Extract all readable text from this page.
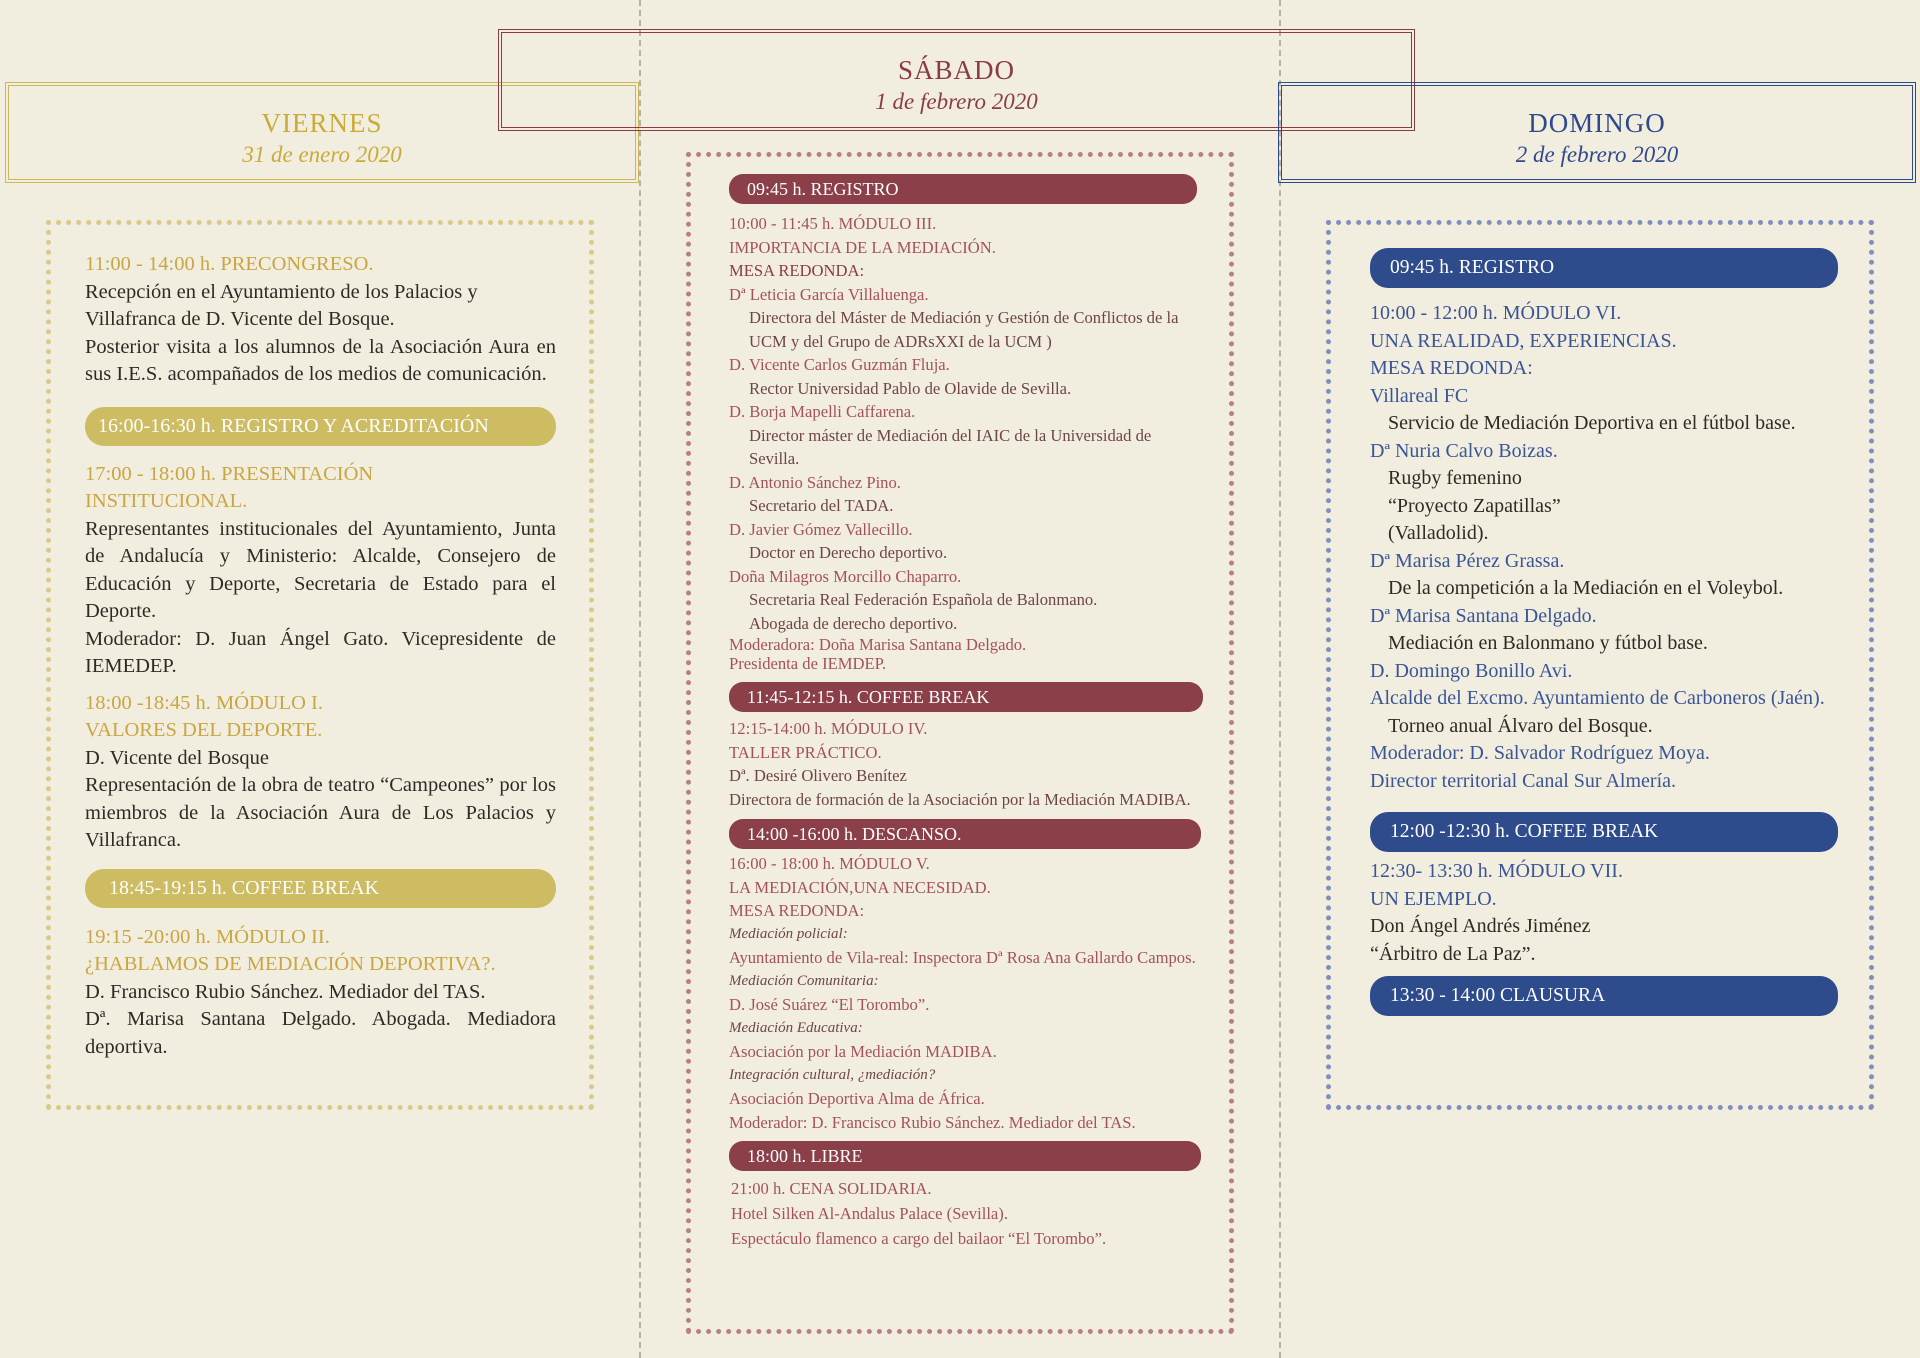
VIERNES
31 de enero 2020
SÁBADO
1 de febrero 2020
DOMINGO
2 de febrero 2020

11:00 - 14:00 h. PRECONGRESO.

Recepción en el Ayuntamiento de los Palacios y Villafranca de D. Vicente del Bosque.

Posterior visita a los alumnos de la Asociación Aura en sus I.E.S. acompañados de los medios de comunicación.

16:00-16:30 h. REGISTRO Y ACREDITACIÓN

17:00 - 18:00 h. PRESENTACIÓN

INSTITUCIONAL.

Representantes institucionales del Ayuntamiento, Junta de Andalucía y Ministerio: Alcalde, Consejero de Educación y Deporte, Secretaria de Estado para el Deporte.

Moderador: D. Juan Ángel Gato. Vicepresidente de IEMEDEP.

18:00 -18:45 h. MÓDULO I.

VALORES DEL DEPORTE.

D. Vicente del Bosque

Representación de la obra de teatro “Campeones” por los miembros de la Asociación Aura de Los Palacios y Villafranca.

18:45-19:15 h. COFFEE BREAK

19:15 -20:00 h. MÓDULO II.

¿HABLAMOS DE MEDIACIÓN DEPORTIVA?.

D. Francisco Rubio Sánchez. Mediador del TAS.

Dª. Marisa Santana Delgado. Abogada. Mediadora deportiva.

09:45 h. REGISTRO

10:00 - 11:45 h. MÓDULO III.

IMPORTANCIA DE LA MEDIACIÓN.

MESA REDONDA:

Dª Leticia García Villaluenga.

Directora del Máster de Mediación y Gestión de Conflictos de la UCM y del Grupo de ADRsXXI de la UCM )

D. Vicente Carlos Guzmán Fluja.

Rector Universidad Pablo de Olavide de Sevilla.

D. Borja Mapelli Caffarena.

Director máster de Mediación del IAIC de la Universidad de Sevilla.

D. Antonio Sánchez Pino.

Secretario del TADA.

D. Javier Gómez Vallecillo.

Doctor en Derecho deportivo.

Doña Milagros Morcillo Chaparro.

Secretaria Real Federación Española de Balonmano.

Abogada de derecho deportivo.

Moderadora: Doña Marisa Santana Delgado.

Presidenta de IEMDEP.

11:45-12:15 h. COFFEE BREAK

12:15-14:00 h. MÓDULO IV.

TALLER PRÁCTICO.

Dª. Desiré Olivero Benítez

Directora de formación de la Asociación por la Mediación MADIBA.

14:00 -16:00 h. DESCANSO.

16:00 - 18:00 h. MÓDULO V.

LA MEDIACIÓN,UNA NECESIDAD.

MESA REDONDA:

Mediación policial:

Ayuntamiento de Vila-real: Inspectora Dª Rosa Ana Gallardo Campos.

Mediación Comunitaria:

D. José Suárez “El Torombo”.

Mediación Educativa:

Asociación por la Mediación MADIBA.

Integración cultural, ¿mediación?

Asociación Deportiva Alma de África.

Moderador: D. Francisco Rubio Sánchez. Mediador del TAS.

18:00 h. LIBRE

21:00 h. CENA SOLIDARIA.

Hotel Silken Al-Andalus Palace (Sevilla).

Espectáculo flamenco a cargo del bailaor “El Torombo”.

09:45 h. REGISTRO

10:00 - 12:00 h. MÓDULO VI.

UNA REALIDAD, EXPERIENCIAS.

MESA REDONDA:

Villareal FC

Servicio de Mediación Deportiva en el fútbol base.

Dª Nuria Calvo Boizas.

Rugby femenino “Proyecto Zapatillas” (Valladolid).

Dª Marisa Pérez Grassa.

De la competición a la Mediación en el Voleybol.

Dª Marisa Santana Delgado.

Mediación en Balonmano y fútbol base.

D. Domingo Bonillo Avi.

Alcalde del Excmo. Ayuntamiento de Carboneros (Jaén).

Torneo anual Álvaro del Bosque.

Moderador: D. Salvador Rodríguez Moya.

Director territorial Canal Sur Almería.

12:00 -12:30 h. COFFEE BREAK

12:30- 13:30 h. MÓDULO VII.

UN EJEMPLO.

Don Ángel Andrés Jiménez

“Árbitro de La Paz”.

13:30 - 14:00 CLAUSURA
